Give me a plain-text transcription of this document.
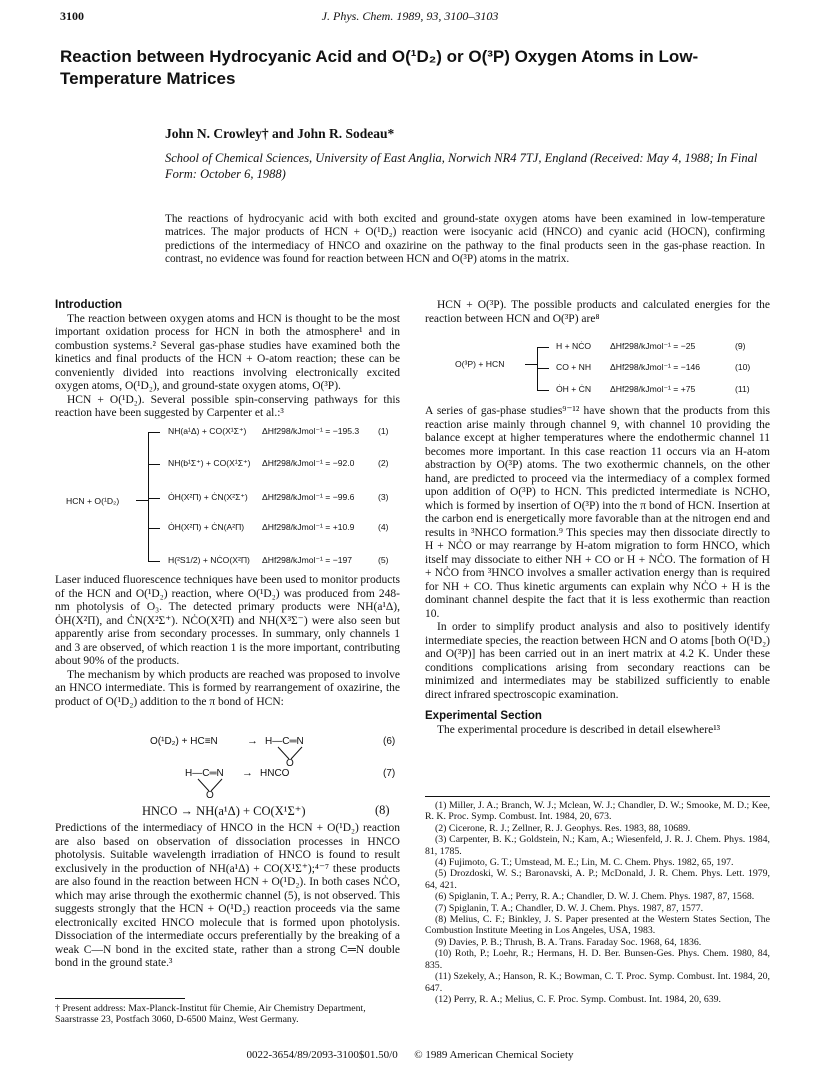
3100	J. Phys. Chem. 1989, 93, 3100–3103
Reaction between Hydrocyanic Acid and O(¹D₂) or O(³P) Oxygen Atoms in Low-Temperature Matrices
John N. Crowley† and John R. Sodeau*
School of Chemical Sciences, University of East Anglia, Norwich NR4 7TJ, England (Received: May 4, 1988; In Final Form: October 6, 1988)
The reactions of hydrocyanic acid with both excited and ground-state oxygen atoms have been examined in low-temperature matrices. The major products of HCN + O(¹D₂) reaction were isocyanic acid (HNCO) and cyanic acid (HOCN), confirming predictions of the intermediacy of HNCO and oxazirine on the pathway to the final products seen in the gas-phase reaction. In contrast, no evidence was found for reaction between HCN and O(³P) atoms in the matrix.
Introduction

The reaction between oxygen atoms and HCN is thought to be the most important oxidation process for HCN in both the atmosphere¹ and in combustion systems.² Several gas-phase studies have examined both the kinetics and final products of the HCN + O-atom reaction; these can be conveniently divided into reactions involving electronically excited oxygen atoms, O(¹D₂), and ground-state oxygen atoms, O(³P).

HCN + O(¹D₂). Several possible spin-conserving pathways for this reaction have been suggested by Carpenter et al.:³

HCN + O(¹D₂)
NH(a¹Δ) + CO(X¹Σ⁺) ΔHf298/kJmol⁻¹ = −195.3 (1)
NH(b¹Σ⁺) + CO(X¹Σ⁺) ΔHf298/kJmol⁻¹ = −92.0	(2)
ȮH(X²Π) + ĊN(X²Σ⁺) ΔHf298/kJmol⁻¹ = −99.6	(3)
ȮH(X²Π) + ĊN(A²Π) ΔHf298/kJmol⁻¹ = +10.9	(4)
H(²S1/2) + NĊO(X²Π) ΔHf298/kJmol⁻¹ = −197	(5)

Laser induced fluorescence techniques have been used to monitor products of the HCN and O(¹D₂) reaction, where O(¹D₂) was produced from 248-nm photolysis of O₃. The detected primary products were NH(a¹Δ), ȮH(X²Π), and ĊN(X²Σ⁺). NĊO(X²Π) and NH(X³Σ⁻) were also seen but apparently arise from secondary processes. In summary, only channels 1 and 3 are observed, of which reaction 1 is the more important, contributing about 90% of the products.

The mechanism by which products are reached was proposed to involve an HNCO intermediate. This is formed by rearrangement of oxazirine, the product of O(¹D₂) addition to the π bond of HCN:

O(¹D₂) + HC≡N	→ H—C═N
O
(6)
H—C═N
O
→ HNCO	(7)
HNCO → NH(a¹Δ) + CO(X¹Σ⁺)	(8)

Predictions of the intermediacy of HNCO in the HCN + O(¹D₂) reaction are also based on observation of dissociation processes in HNCO photolysis. Suitable wavelength irradiation of HNCO is found to result exclusively in the production of NH(a¹Δ) + CO(X¹Σ⁺);⁴⁻⁷ these products are also found in the reaction between HCN + O(¹D₂). In both cases NĊO, which may arise through the exothermic channel (5), is not observed. This suggests strongly that the HCN + O(¹D₂) reaction proceeds via the same electronically excited HNCO molecule that is formed upon photolysis. Dissociation of the intermediate occurs preferentially by the breaking of a weak C—N bond in the excited state, rather than a strong C═N double bond in the ground state.³

† Present address: Max-Planck-Institut für Chemie, Air Chemistry Department, Saarstrasse 23, Postfach 3060, D-6500 Mainz, West Germany.

HCN + O(³P). The possible products and calculated energies for the reaction between HCN and O(³P) are⁸

O(³P) + HCN
H + NĊO ΔHf298/kJmol⁻¹ = −25	(9)
CO + NH ΔHf298/kJmol⁻¹ = −146	(10)
ȮH + ĊN ΔHf298/kJmol⁻¹ = +75	(11)

A series of gas-phase studies⁹⁻¹² have shown that the products from this reaction arise mainly through channel 9, with channel 10 providing the balance except at higher temperatures where the endothermic channel 11 becomes more important. In this case reaction 11 occurs via an H-atom abstraction by O(³P) atoms. The two exothermic channels, on the other hand, are predicted to proceed via the intermediacy of a complex formed upon addition of O(³P) to HCN. This predicted intermediate is NCHO, which is formed by insertion of O(³P) into the π bond of HCN. Insertion at the carbon end is energetically more favorable than at the nitrogen end and results in ³NHCO formation.⁹ This species may then dissociate directly to H + NĊO or may rearrange by H-atom migration to form HNCO, which itself may dissociate to either NH + CO or H + NĊO. The formation of H + NĊO from ³HNCO involves a smaller activation energy than is required for NH + CO. Thus kinetic arguments can explain why NĊO + H is the dominant channel despite the fact that it is less exothermic than reaction 10.

In order to simplify product analysis and also to positively identify intermediate species, the reaction between HCN and O atoms [both O(¹D₂) and O(³P)] has been carried out in an inert matrix at 4.2 K. Under these conditions complications arising from secondary reactions can be minimized and intermediates may be stabilized sufficiently to enable direct infrared spectroscopic examination.

Experimental Section

The experimental procedure is described in detail elsewhere¹³

(1) Miller, J. A.; Branch, W. J.; Mclean, W. J.; Chandler, D. W.; Smooke, M. D.; Kee, R. K. Proc. Symp. Combust. Int. 1984, 20, 673.
(2) Cicerone, R. J.; Zellner, R. J. Geophys. Res. 1983, 88, 10689.
(3) Carpenter, B. K.; Goldstein, N.; Kam, A.; Wiesenfeld, J. R. J. Chem. Phys. 1984, 81, 1785.
(4) Fujimoto, G. T.; Umstead, M. E.; Lin, M. C. Chem. Phys. 1982, 65, 197.
(5) Drozdoski, W. S.; Baronavski, A. P.; McDonald, J. R. Chem. Phys. Lett. 1979, 64, 421.
(6) Spiglanin, T. A.; Perry, R. A.; Chandler, D. W. J. Chem. Phys. 1987, 87, 1568.
(7) Spiglanin, T. A.; Chandler, D. W. J. Chem. Phys. 1987, 87, 1577.
(8) Melius, C. F.; Binkley, J. S. Paper presented at the Western States Section, The Combustion Institute Meeting in Los Angeles, USA, 1983.
(9) Davies, P. B.; Thrush, B. A. Trans. Faraday Soc. 1968, 64, 1836.
(10) Roth, P.; Loehr, R.; Hermans, H. D. Ber. Bunsen-Ges. Phys. Chem. 1980, 84, 835.
(11) Szekely, A.; Hanson, R. K.; Bowman, C. T. Proc. Symp. Combust. Int. 1984, 20, 647.
(12) Perry, R. A.; Melius, C. F. Proc. Symp. Combust. Int. 1984, 20, 639.
0022-3654/89/2093-3100$01.50/0 © 1989 American Chemical Society
